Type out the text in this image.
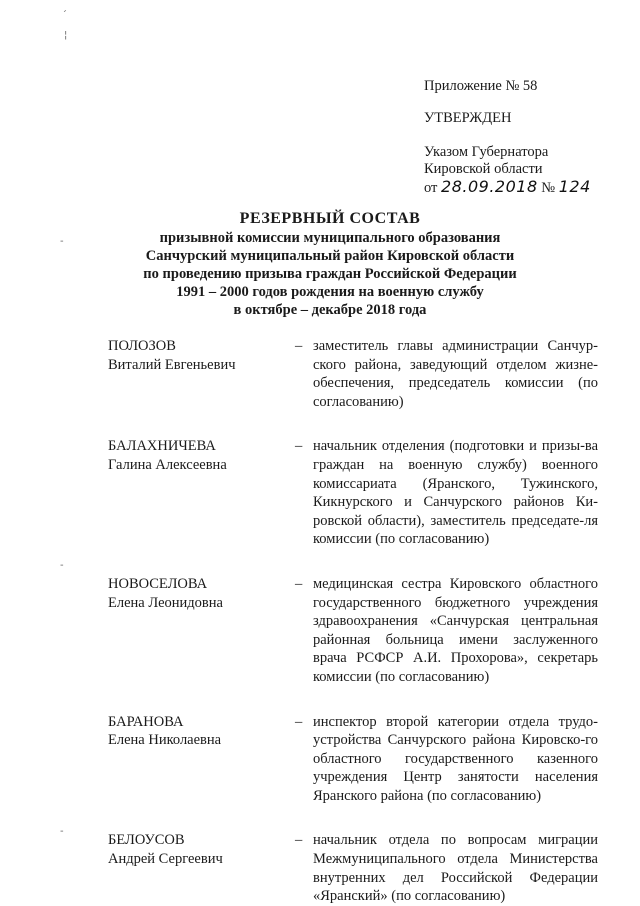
´
¦
-
-
-
Приложение № 58
УТВЕРЖДЕН
Указом Губернатора
Кировской области
от 28.09.2018 № 124
РЕЗЕРВНЫЙ СОСТАВ
призывной комиссии муниципального образования
Санчурский муниципальный район Кировской области
по проведению призыва граждан Российской Федерации
1991 – 2000 годов рождения на военную службу
в октябре – декабре 2018 года
ПОЛОЗОВ
Виталий Евгеньевич
– заместитель главы администрации Санчур-ского района, заведующий отделом жизне-обеспечения, председатель комиссии (по согласованию)
БАЛАХНИЧЕВА
Галина Алексеевна
– начальник отделения (подготовки и призы-ва граждан на военную службу) военного комиссариата (Яранского, Тужинского, Кикнурского и Санчурского районов Ки-ровской области), заместитель председате-ля комиссии (по согласованию)
НОВОСЕЛОВА
Елена Леонидовна
– медицинская сестра Кировского областного государственного бюджетного учреждения здравоохранения «Санчурская центральная районная больница имени заслуженного врача РСФСР А.И. Прохорова», секретарь комиссии (по согласованию)
БАРАНОВА
Елена Николаевна
– инспектор второй категории отдела трудо-устройства Санчурского района Кировско-го областного государственного казенного учреждения Центр занятости населения Яранского района (по согласованию)
БЕЛОУСОВ
Андрей Сергеевич
– начальник отдела по вопросам миграции Межмуниципального отдела Министерства внутренних дел Российской Федерации «Яранский» (по согласованию)
